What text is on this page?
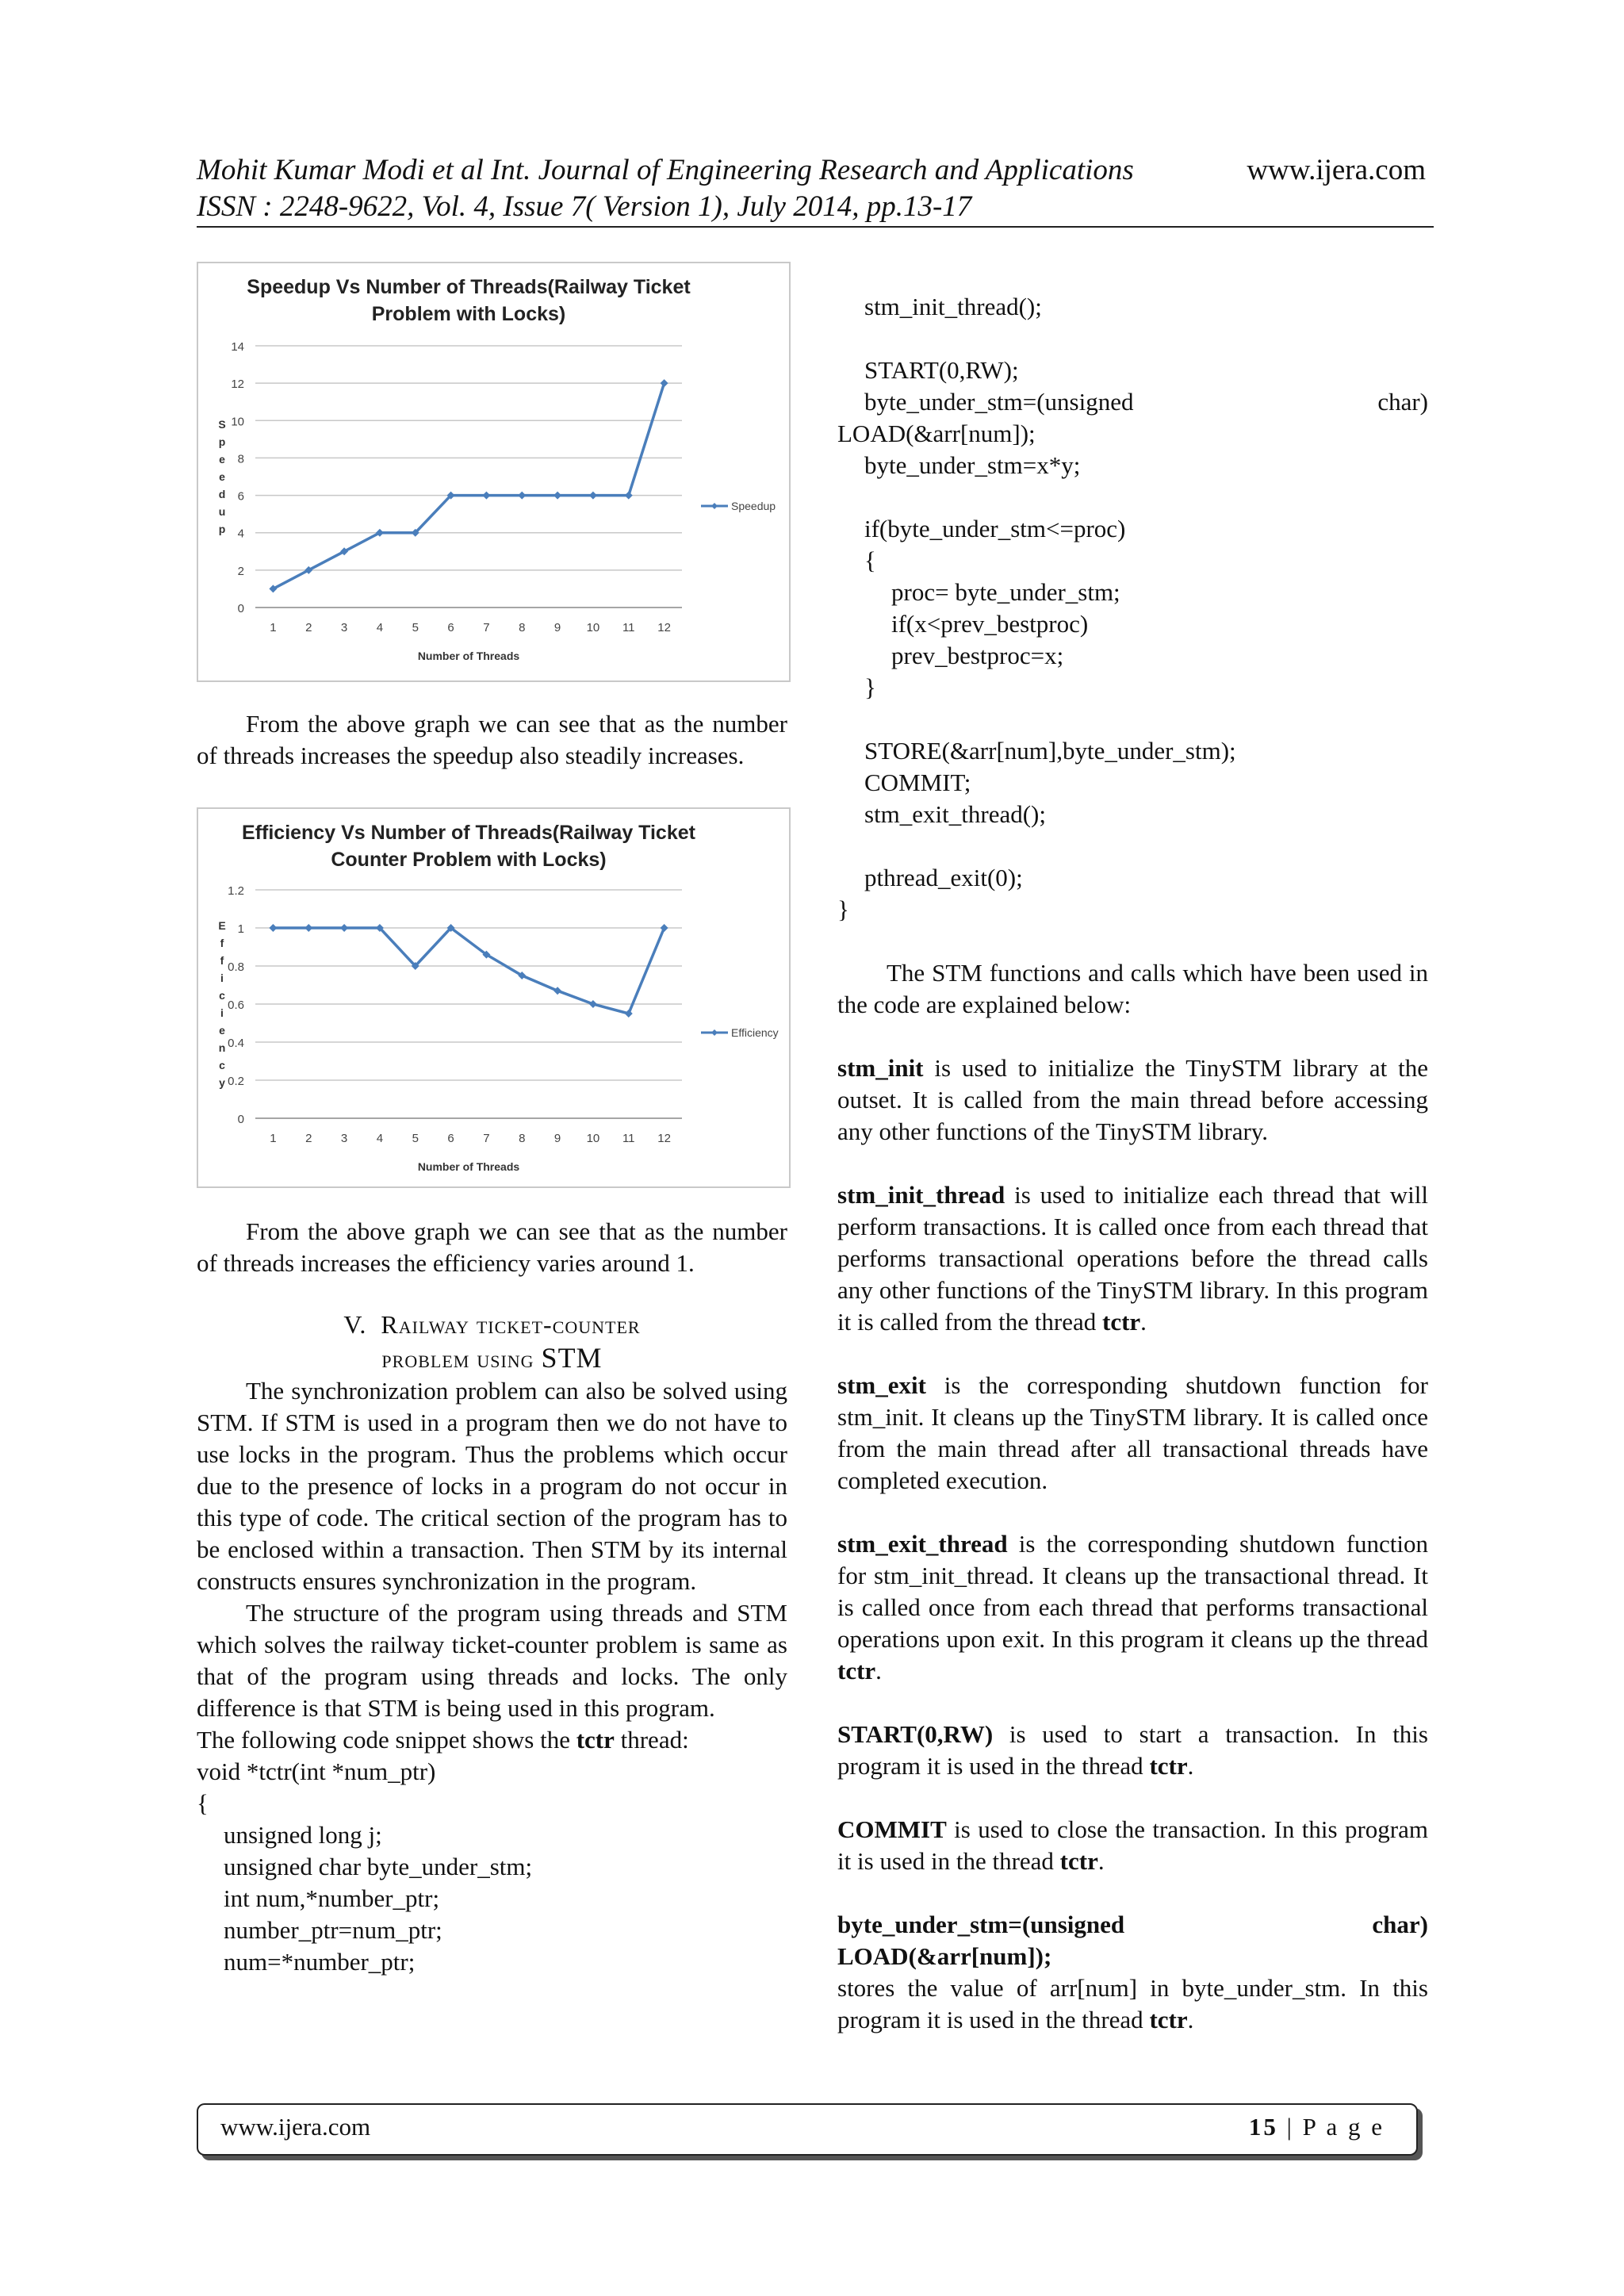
Mohit Kumar Modi et al Int. Journal of Engineering Research and Applications
ISSN : 2248-9622, Vol. 4, Issue 7( Version 1), July 2014, pp.13-17
www.ijera.com
Speedup Vs Number of Threads(Railway Ticket
Problem with Locks)
0
2
4
6
8
10
12
14
1 2 3 4 5 6 7 8 9 10 11 12
Number of Threads
S
p
e
e
d
u
p
Speedup
Efficiency Vs Number of Threads(Railway Ticket
Counter Problem with Locks)
0
0.2
0.4
0.6
0.8
1
1.2
1 2 3 4 5 6 7 8 9 10 11 12
Number of Threads
E
f
f
i
c
i
e
n
c
y
Efficiency

From the above graph we can see that as the number of threads increases the speedup also steadily increases.

From the above graph we can see that as the number of threads increases the efficiency varies around 1.

V. Railway ticket-counter
problem using STM

The synchronization problem can also be solved using STM. If STM is used in a program then we do not have to use locks in the program. Thus the problems which occur due to the presence of locks in a program do not occur in this type of code. The critical section of the program has to be enclosed within a transaction. Then STM by its internal constructs ensures synchronization in the program.

The structure of the program using threads and STM which solves the railway ticket-counter problem is same as that of the program using threads and locks. The only difference is that STM is being used in this program.

The following code snippet shows the tctr thread:

void *tctr(int *num_ptr)
{
unsigned long j;
unsigned char byte_under_stm;
int num,*number_ptr;
number_ptr=num_ptr;
num=*number_ptr;
stm_init_thread();
START(0,RW);
byte_under_stm=(unsigned	char)
LOAD(&arr[num]);
byte_under_stm=x*y;
if(byte_under_stm<=proc)
{
proc= byte_under_stm;
if(x<prev_bestproc)
prev_bestproc=x;
}
STORE(&arr[num],byte_under_stm);
COMMIT;
stm_exit_thread();
pthread_exit(0);
}

The STM functions and calls which have been used in the code are explained below:

stm_init is used to initialize the TinySTM library at the outset. It is called from the main thread before accessing any other functions of the TinySTM library.

stm_init_thread is used to initialize each thread that will perform transactions. It is called once from each thread that performs transactional operations before the thread calls any other functions of the TinySTM library. In this program it is called from the thread tctr.

stm_exit is the corresponding shutdown function for stm_init. It cleans up the TinySTM library. It is called once from the main thread after all transactional threads have completed execution.

stm_exit_thread is the corresponding shutdown function for stm_init_thread. It cleans up the transactional thread. It is called once from each thread that performs transactional operations upon exit. In this program it cleans up the thread tctr.

START(0,RW) is used to start a transaction. In this program it is used in the thread tctr.

COMMIT is used to close the transaction. In this program it is used in the thread tctr.

byte_under_stm=(unsigned	char)
LOAD(&arr[num]);

stores the value of arr[num] in byte_under_stm. In this program it is used in the thread tctr.

www.ijera.com	15 | P a g e
